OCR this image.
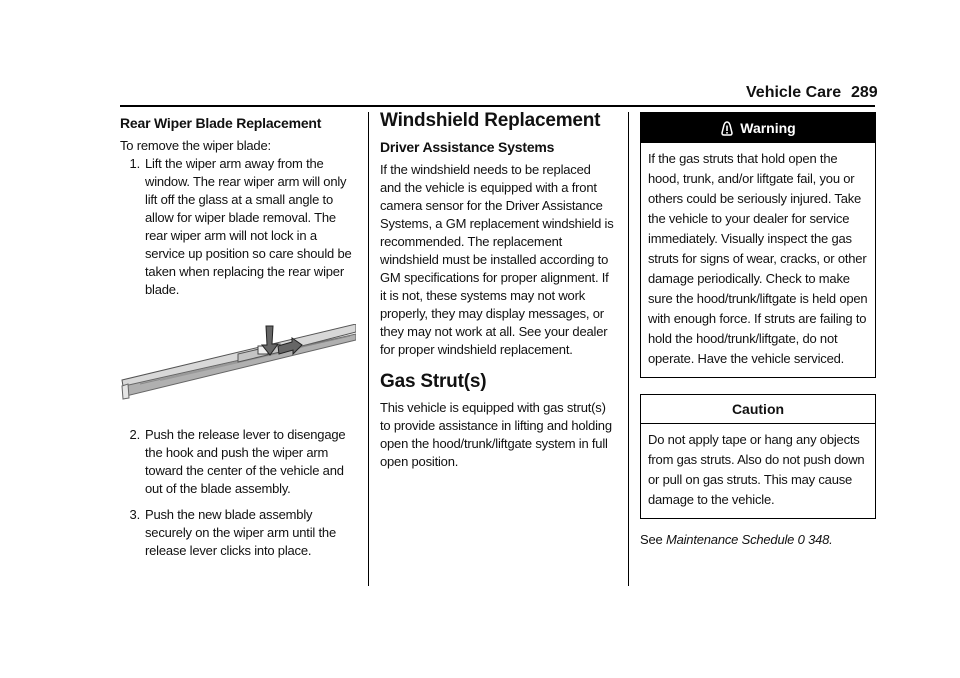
Vehicle Care 289

Rear Wiper Blade Replacement

To remove the wiper blade:

1. Lift the wiper arm away from the window. The rear wiper arm will only lift off the glass at a small angle to allow for wiper blade removal. The rear wiper arm will not lock in a service up position so care should be taken when replacing the rear wiper blade.
2. Push the release lever to disengage the hook and push the wiper arm toward the center of the vehicle and out of the blade assembly.
3. Push the new blade assembly securely on the wiper arm until the release lever clicks into place.

Windshield Replacement

Driver Assistance Systems

If the windshield needs to be replaced and the vehicle is equipped with a front camera sensor for the Driver Assistance Systems, a GM replacement windshield is recommended. The replacement windshield must be installed according to GM specifications for proper alignment. If it is not, these systems may not work properly, they may display messages, or they may not work at all. See your dealer for proper windshield replacement.

Gas Strut(s)

This vehicle is equipped with gas strut(s) to provide assistance in lifting and holding open the hood/trunk/liftgate system in full open position.

Warning
If the gas struts that hold open the hood, trunk, and/or liftgate fail, you or others could be seriously injured. Take the vehicle to your dealer for service immediately. Visually inspect the gas struts for signs of wear, cracks, or other damage periodically. Check to make sure the hood/trunk/liftgate is held open with enough force. If struts are failing to hold the hood/trunk/liftgate, do not operate. Have the vehicle serviced.
Caution
Do not apply tape or hang any objects from gas struts. Also do not push down or pull on gas struts. This may cause damage to the vehicle.

See Maintenance Schedule 0 348.
